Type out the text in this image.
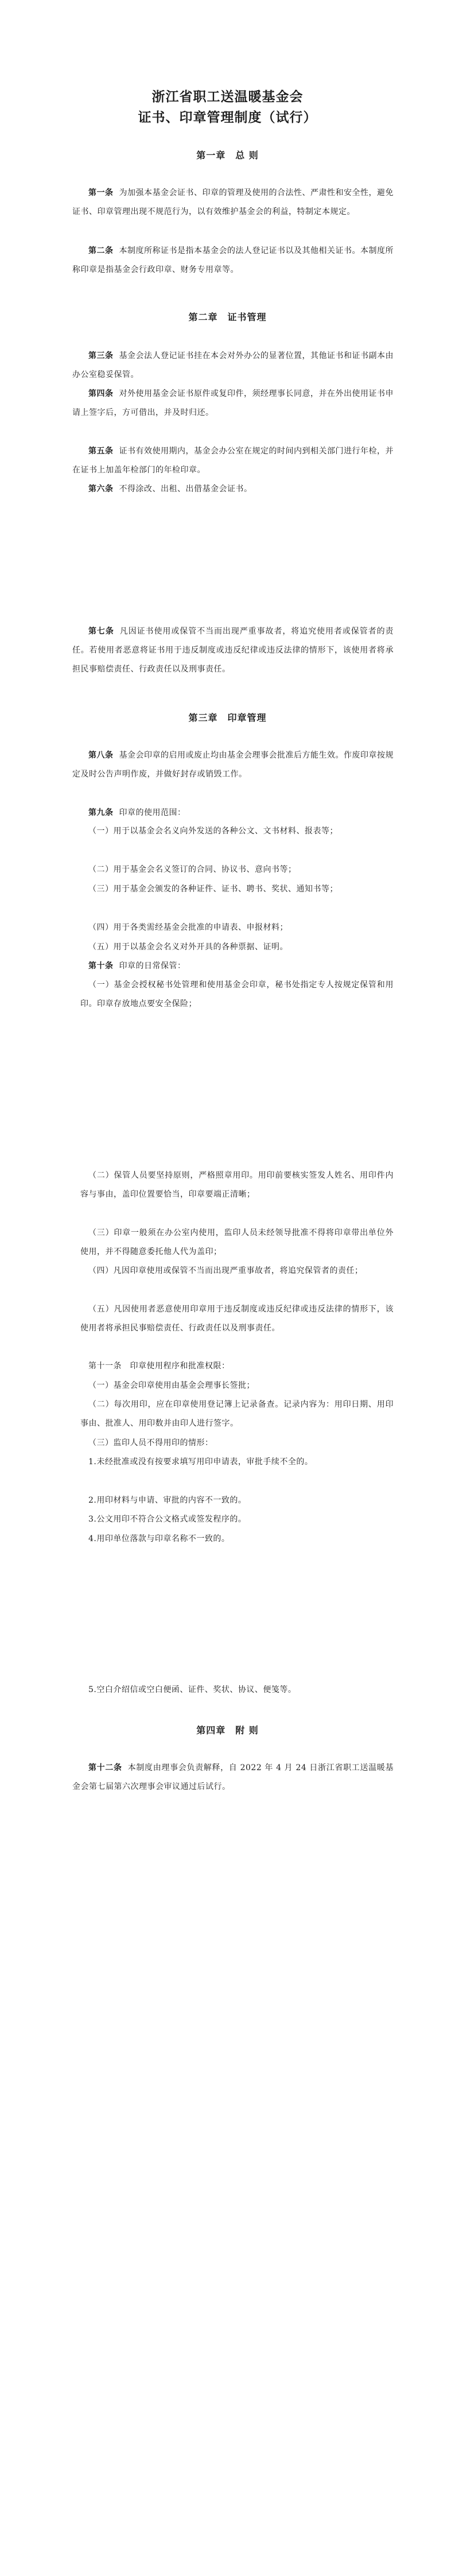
浙江省职工送温暖基金会
证书、印章管理制度（试行）
第一章　总 则

第一条 为加强本基金会证书、印章的管理及使用的合法性、严肃性和安全性，避免证书、印章管理出现不规范行为，以有效维护基金会的利益，特制定本规定。

第二条 本制度所称证书是指本基金会的法人登记证书以及其他相关证书。本制度所称印章是指基金会行政印章、财务专用章等。

第二章　证书管理

第三条 基金会法人登记证书挂在本会对外办公的显著位置，其他证书和证书副本由办公室稳妥保管。

第四条 对外使用基金会证书原件或复印件，须经理事长同意，并在外出使用证书申请上签字后，方可借出，并及时归还。

第五条 证书有效使用期内，基金会办公室在规定的时间内到相关部门进行年检，并在证书上加盖年检部门的年检印章。

第六条 不得涂改、出租、出借基金会证书。

第七条 凡因证书使用或保管不当而出现严重事故者，将追究使用者或保管者的责任。若使用者恶意将证书用于违反制度或违反纪律或违反法律的情形下，该使用者将承担民事赔偿责任、行政责任以及刑事责任。

第三章　印章管理

第八条 基金会印章的启用或废止均由基金会理事会批准后方能生效。作废印章按规定及时公告声明作废，并做好封存或销毁工作。

第九条 印章的使用范围：

（一）用于以基金会名义向外发送的各种公文、文书材料、报表等；

（二）用于基金会名义签订的合同、协议书、意向书等；

（三）用于基金会颁发的各种证件、证书、聘书、奖状、通知书等；

（四）用于各类需经基金会批准的申请表、申报材料；

（五）用于以基金会名义对外开具的各种票据、证明。

第十条 印章的日常保管：

（一）基金会授权秘书处管理和使用基金会印章，秘书处指定专人按规定保管和用印。印章存放地点要安全保险；

（二）保管人员要坚持原则，严格照章用印。用印前要核实签发人姓名、用印件内容与事由，盖印位置要恰当，印章要端正清晰；

（三）印章一般须在办公室内使用，监印人员未经领导批准不得将印章带出单位外使用，并不得随意委托他人代为盖印；

（四）凡因印章使用或保管不当而出现严重事故者，将追究保管者的责任；

（五）凡因使用者恶意使用印章用于违反制度或违反纪律或违反法律的情形下，该使用者将承担民事赔偿责任、行政责任以及刑事责任。

第十一条　印章使用程序和批准权限：

（一）基金会印章使用由基金会理事长签批；

（二）每次用印，应在印章使用登记簿上记录备查。记录内容为：用印日期、用印事由、批准人、用印数并由印人进行签字。

（三）监印人员不得用印的情形：

1.未经批准或没有按要求填写用印申请表，审批手续不全的。

2.用印材料与申请、审批的内容不一致的。

3.公文用印不符合公文格式或签发程序的。

4.用印单位落款与印章名称不一致的。

5.空白介绍信或空白便函、证件、奖状、协议、便笺等。

第四章　附 则

第十二条 本制度由理事会负责解释，自 2022 年 4 月 24 日浙江省职工送温暖基金会第七届第六次理事会审议通过后试行。
